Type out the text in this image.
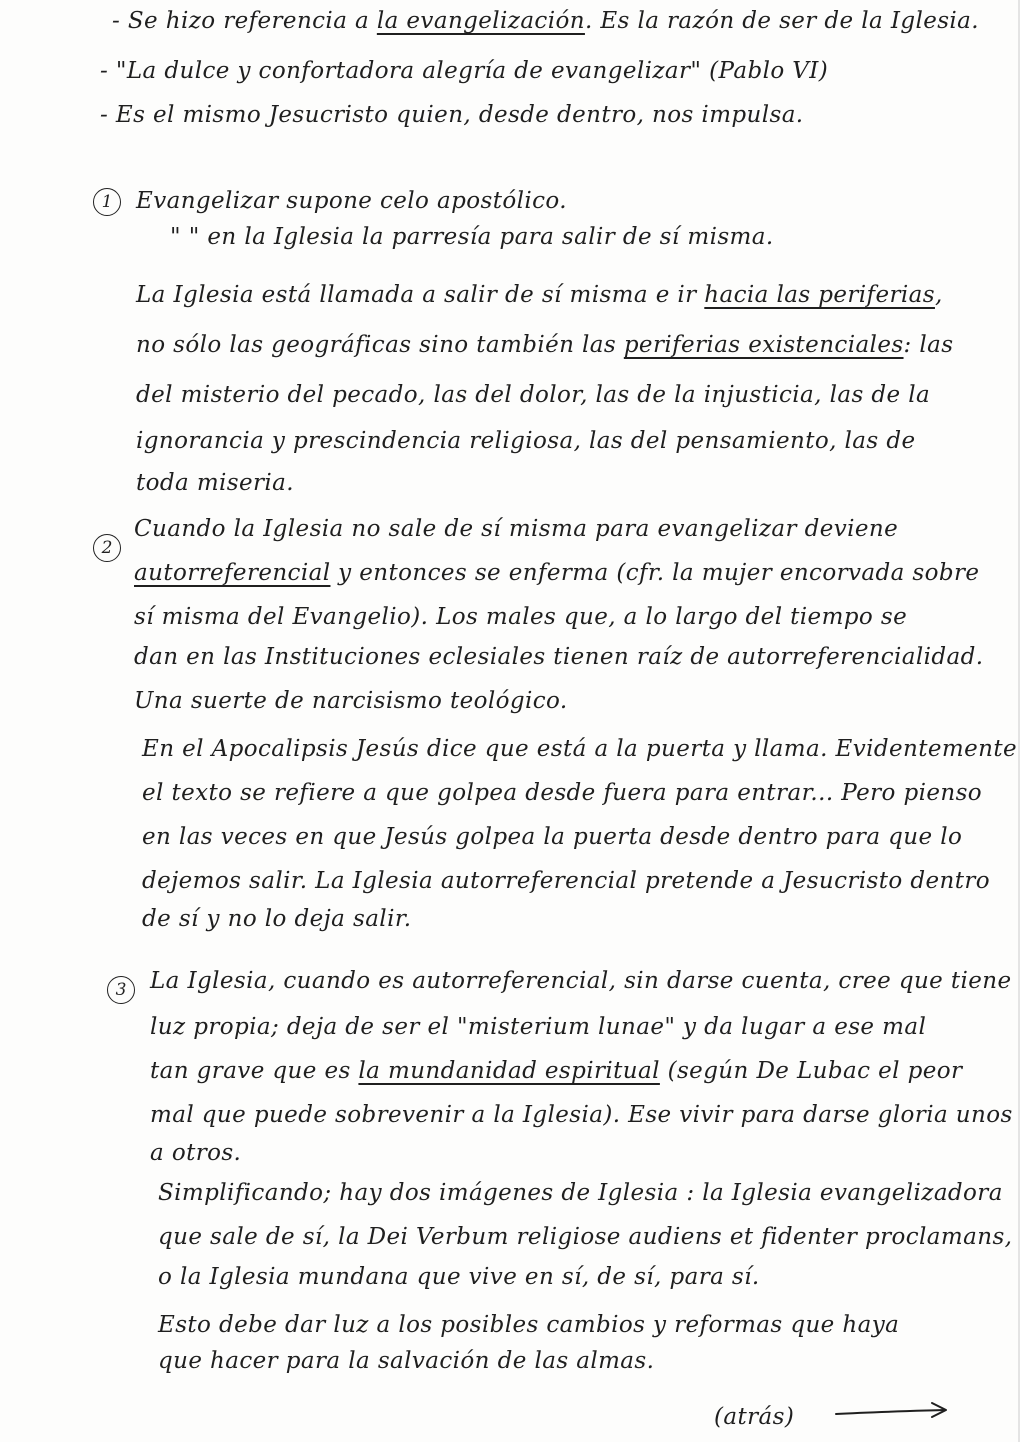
- Se hizo referencia a la evangelización. Es la razón de ser de la Iglesia.
- "La dulce y confortadora alegría de evangelizar" (Pablo VI)
- Es el mismo Jesucristo quien, desde dentro, nos impulsa.
1	Evangelizar supone celo apostólico.
" " en la Iglesia la parresía para salir de sí misma.
La Iglesia está llamada a salir de sí misma e ir hacia las periferias,
no sólo las geográficas sino también las periferias existenciales: las
del misterio del pecado, las del dolor, las de la injusticia, las de la
ignorancia y prescindencia religiosa, las del pensamiento, las de
toda miseria.
2
Cuando la Iglesia no sale de sí misma para evangelizar deviene
autorreferencial y entonces se enferma (cfr. la mujer encorvada sobre
sí misma del Evangelio). Los males que, a lo largo del tiempo se
dan en las Instituciones eclesiales tienen raíz de autorreferencialidad.
Una suerte de narcisismo teológico.
En el Apocalipsis Jesús dice que está a la puerta y llama. Evidentemente
el texto se refiere a que golpea desde fuera para entrar... Pero pienso
en las veces en que Jesús golpea la puerta desde dentro para que lo
dejemos salir. La Iglesia autorreferencial pretende a Jesucristo dentro
de sí y no lo deja salir.
3	La Iglesia, cuando es autorreferencial, sin darse cuenta, cree que tiene
luz propia; deja de ser el "misterium lunae" y da lugar a ese mal
tan grave que es la mundanidad espiritual (según De Lubac el peor
mal que puede sobrevenir a la Iglesia). Ese vivir para darse gloria unos
a otros.
Simplificando; hay dos imágenes de Iglesia : la Iglesia evangelizadora
que sale de sí, la Dei Verbum religiose audiens et fidenter proclamans,
o la Iglesia mundana que vive en sí, de sí, para sí.
Esto debe dar luz a los posibles cambios y reformas que haya
que hacer para la salvación de las almas.
(atrás)
